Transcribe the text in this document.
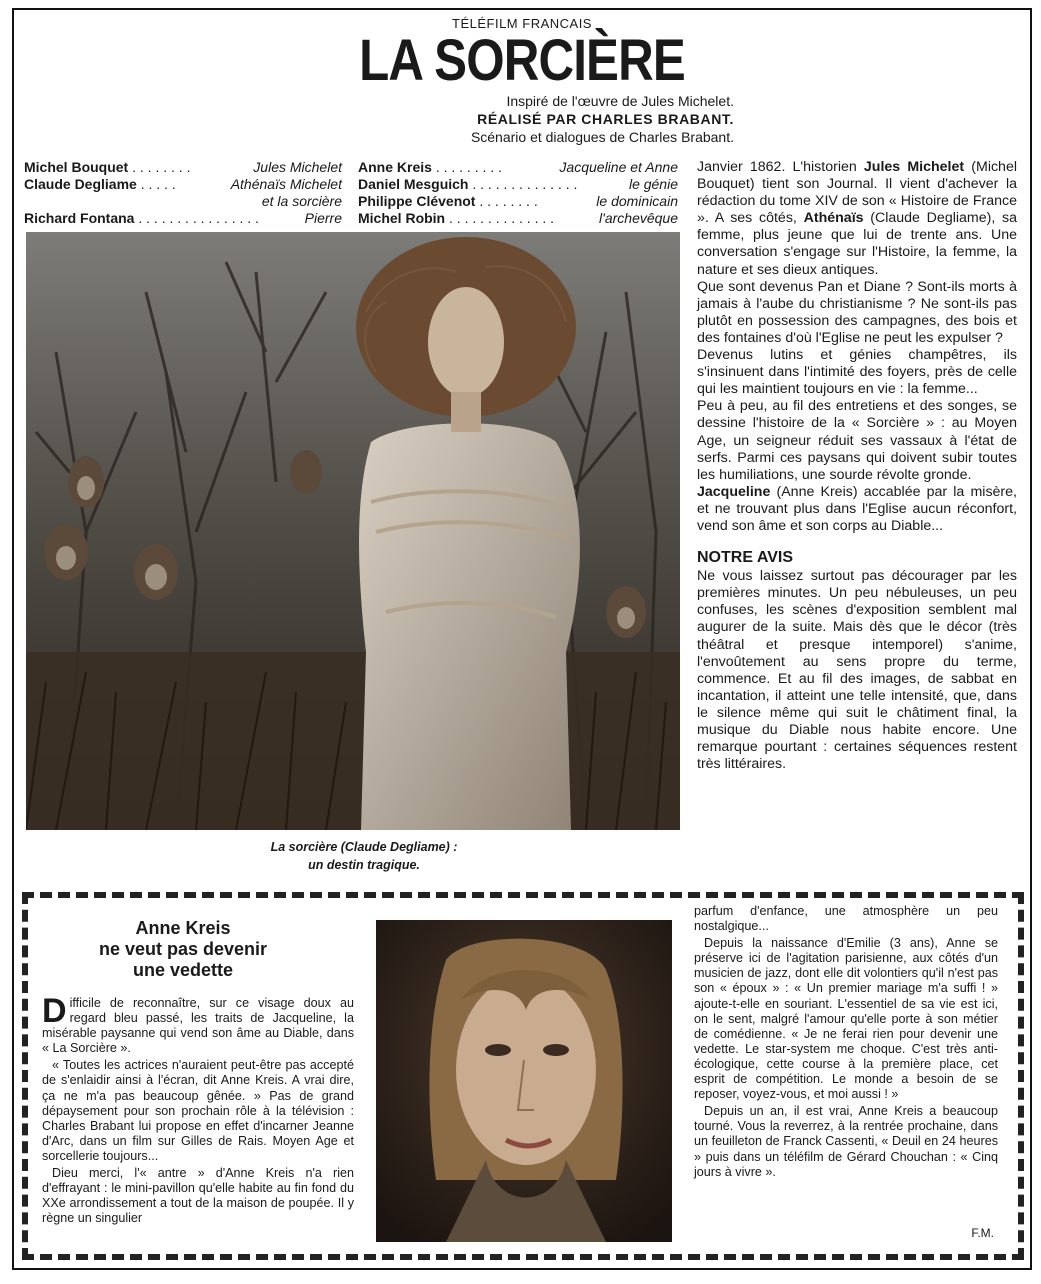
TÉLÉFILM FRANCAIS
LA SORCIÈRE
Inspiré de l'œuvre de Jules Michelet.
RÉALISÉ PAR CHARLES BRABANT.
Scénario et dialogues de Charles Brabant.
Michel Bouquet . . . . . . . .	Jules Michelet
Claude Degliame . . . . .	Athénaïs Michelet
et la sorcière
Richard Fontana . . . . . . . . . . . . . . . .	Pierre
Anne Kreis . . . . . . . . .	Jacqueline et Anne
Daniel Mesguich . . . . . . . . . . . . . .	le génie
Philippe Clévenot . . . . . . . .	le dominicain
Michel Robin . . . . . . . . . . . . . .	l'archevêque
La sorcière (Claude Degliame) :
un destin tragique.

Janvier 1862. L'historien Jules Michelet (Michel Bouquet) tient son Journal. Il vient d'achever la rédaction du tome XIV de son « Histoire de France ». A ses côtés, Athénaïs (Claude Degliame), sa femme, plus jeune que lui de trente ans. Une conversation s'engage sur l'Histoire, la femme, la nature et ses dieux antiques.

Que sont devenus Pan et Diane ? Sont-ils morts à jamais à l'aube du christianisme ? Ne sont-ils pas plutôt en possession des campagnes, des bois et des fontaines d'où l'Eglise ne peut les expulser ?

Devenus lutins et génies champêtres, ils s'insinuent dans l'intimité des foyers, près de celle qui les maintient toujours en vie : la femme...

Peu à peu, au fil des entretiens et des songes, se dessine l'histoire de la « Sorcière » : au Moyen Age, un seigneur réduit ses vassaux à l'état de serfs. Parmi ces paysans qui doivent subir toutes les humiliations, une sourde révolte gronde.

Jacqueline (Anne Kreis) accablée par la misère, et ne trouvant plus dans l'Eglise aucun réconfort, vend son âme et son corps au Diable...

NOTRE AVIS

Ne vous laissez surtout pas décourager par les premières minutes. Un peu nébuleuses, un peu confuses, les scènes d'exposition semblent mal augurer de la suite. Mais dès que le décor (très théâtral et presque intemporel) s'anime, l'envoûtement au sens propre du terme, commence. Et au fil des images, de sabbat en incantation, il atteint une telle intensité, que, dans le silence même qui suit le châtiment final, la musique du Diable nous habite encore. Une remarque pourtant : certaines séquences restent très littéraires.

Anne Kreis
ne veut pas devenir
une vedette

Difficile de reconnaître, sur ce visage doux au regard bleu passé, les traits de Jacqueline, la misérable paysanne qui vend son âme au Diable, dans « La Sorcière ».

« Toutes les actrices n'auraient peut-être pas accepté de s'enlaidir ainsi à l'écran, dit Anne Kreis. A vrai dire, ça ne m'a pas beaucoup gênée. » Pas de grand dépaysement pour son prochain rôle à la télévision : Charles Brabant lui propose en effet d'incarner Jeanne d'Arc, dans un film sur Gilles de Rais. Moyen Age et sorcellerie toujours...

Dieu merci, l'« antre » d'Anne Kreis n'a rien d'effrayant : le mini-pavillon qu'elle habite au fin fond du XXe arrondissement a tout de la maison de poupée. Il y règne un singulier

parfum d'enfance, une atmosphère un peu nostalgique...

Depuis la naissance d'Emilie (3 ans), Anne se préserve ici de l'agitation parisienne, aux côtés d'un musicien de jazz, dont elle dit volontiers qu'il n'est pas son « époux » : « Un premier mariage m'a suffi ! » ajoute-t-elle en souriant. L'essentiel de sa vie est ici, on le sent, malgré l'amour qu'elle porte à son métier de comédienne. « Je ne ferai rien pour devenir une vedette. Le star-system me choque. C'est très anti-écologique, cette course à la première place, cet esprit de compétition. Le monde a besoin de se reposer, voyez-vous, et moi aussi ! »

Depuis un an, il est vrai, Anne Kreis a beaucoup tourné. Vous la reverrez, à la rentrée prochaine, dans un feuilleton de Franck Cassenti, « Deuil en 24 heures » puis dans un téléfilm de Gérard Chouchan : « Cinq jours à vivre ».

F.M.
